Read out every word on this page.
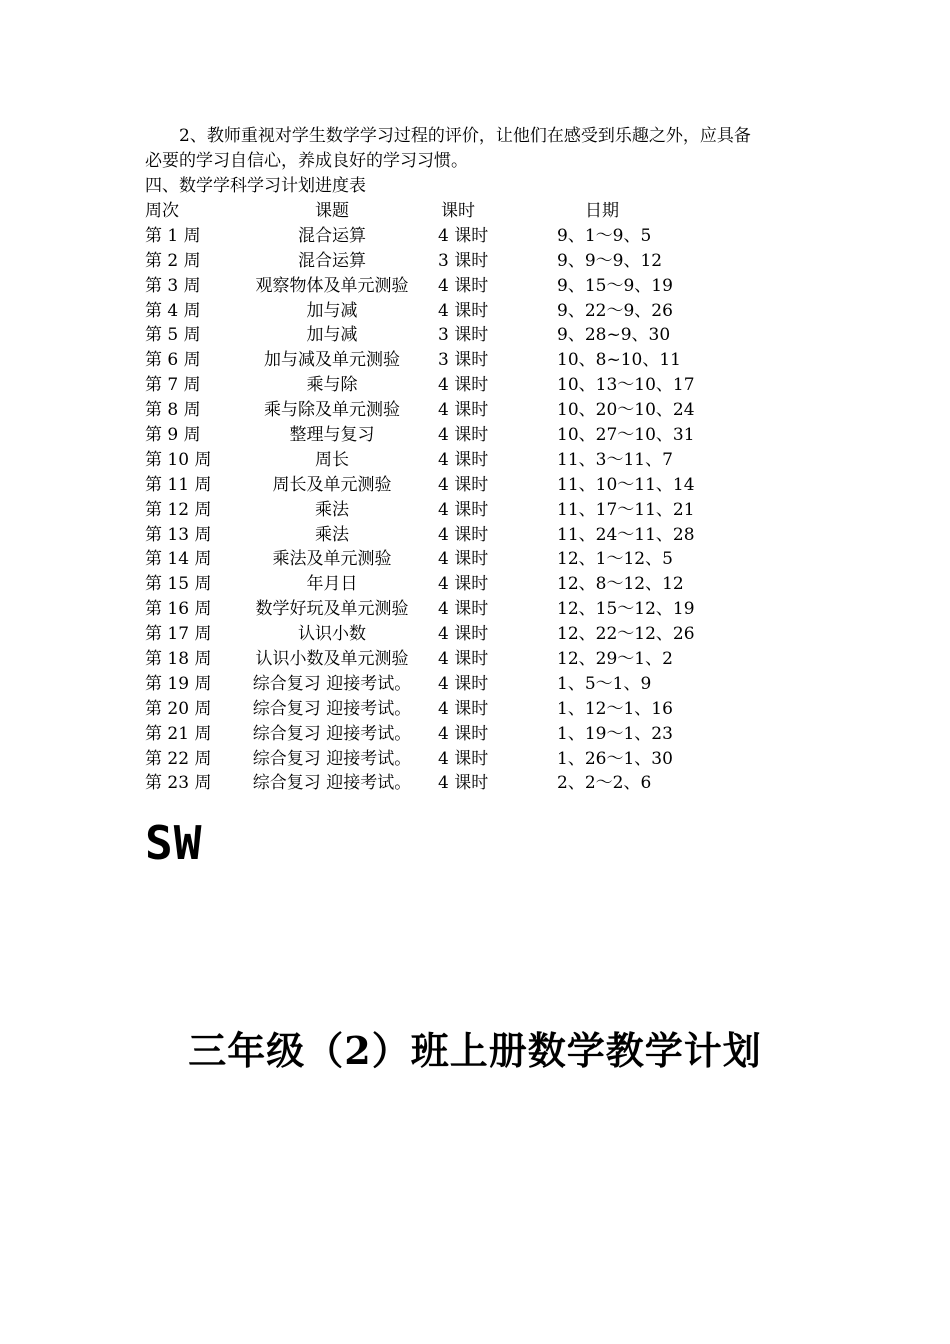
2、教师重视对学生数学学习过程的评价，让他们在感受到乐趣之外，应具备
必要的学习自信心，养成良好的学习习惯。
四、数学学科学习计划进度表
周次	课题	课时	日期
第 1 周	混合运算	4 课时	9、1～9、5
第 2 周	混合运算	3 课时	9、9～9、12
第 3 周	观察物体及单元测验	4 课时	9、15～9、19
第 4 周	加与减	4 课时	9、22～9、26
第 5 周	加与减	3 课时	9、28~9、30
第 6 周	加与减及单元测验	3 课时	10、8~10、11
第 7 周	乘与除	4 课时	10、13～10、17
第 8 周	乘与除及单元测验	4 课时	10、20～10、24
第 9 周	整理与复习	4 课时	10、27～10、31
第 10 周	周长	4 课时	11、3～11、7
第 11 周	周长及单元测验	4 课时	11、10～11、14
第 12 周	乘法	4 课时	11、17～11、21
第 13 周	乘法	4 课时	11、24～11、28
第 14 周	乘法及单元测验	4 课时	12、1～12、5
第 15 周	年月日	4 课时	12、8～12、12
第 16 周	数学好玩及单元测验	4 课时	12、15～12、19
第 17 周	认识小数	4 课时	12、22～12、26
第 18 周	认识小数及单元测验	4 课时	12、29～1、2
第 19 周	综合复习 迎接考试。	4 课时	1、5～1、9
第 20 周	综合复习 迎接考试。	4 课时	1、12～1、16
第 21 周	综合复习 迎接考试。	4 课时	1、19～1、23
第 22 周	综合复习 迎接考试。	4 课时	1、26～1、30
第 23 周	综合复习 迎接考试。	4 课时	2、2～2、6
SW
三年级（2）班上册数学教学计划
